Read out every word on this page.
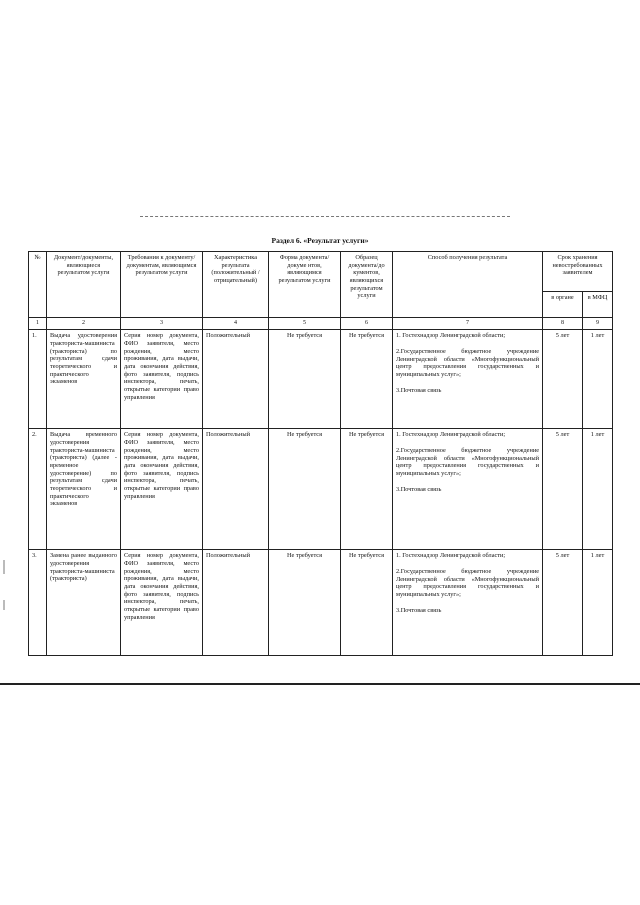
Раздел 6. «Результат услуги»
№	Документ/документы, являющиеся результатом услуги	Требования к документу/документам, являющимся результатом услуги	Характеристика результата (положительный /отрицательный)	Форма документа/докуме нтов, являющимся результатом услуги	Образец документа/до кументов, являющихся результатом услуги	Способ получения результата	Срок хранения невостребованных заявителем	
							в органе	в МФЦ
1	2	3	4	5	6	7	8	9
1.	Выдача удостоверения тракториста-машиниста (тракториста) по результатам сдачи теоретического и практического экзаменов	Серия номер документа, ФИО заявителя, место рождения, место проживания, дата выдачи, дата окончания действия, фото заявителя, подпись инспектора, печать, открытые категории право управления	Положительный	Не требуется	Не требуется	1. Гостехнадзор Ленинградской области;

2.Государственное бюджетное учреждение Ленинградской области «Многофункциональный центр предоставления государственных и муниципальных услуг»;

3.Почтовая связь	5 лет	1 лет
2.	Выдача временного удостоверения тракториста-машиниста (тракториста) (далее - временное удостоверение) по результатам сдачи теоретического и практического экзаменов	Серия номер документа, ФИО заявителя, место рождения, место проживания, дата выдачи, дата окончания действия, фото заявителя, подпись инспектора, печать, открытые категории право управления	Положительный	Не требуется	Не требуется	1. Гостехнадзор Ленинградской области;

2.Государственное бюджетное учреждение Ленинградской области «Многофункциональный центр предоставления государственных и муниципальных услуг»;

3.Почтовая связь	5 лет	1 лет
3.	Замена ранее выданного удостоверения тракториста-машиниста (тракториста)	Серия номер документа, ФИО заявителя, место рождения, место проживания, дата выдачи, дата окончания действия, фото заявителя, подпись инспектора, печать, открытые категории право управления	Положительный	Не требуется	Не требуется	1. Гостехнадзор Ленинградской области;

2.Государственное бюджетное учреждение Ленинградской области «Многофункциональный центр предоставления государственных и муниципальных услуг»;

3.Почтовая связь	5 лет	1 лет
